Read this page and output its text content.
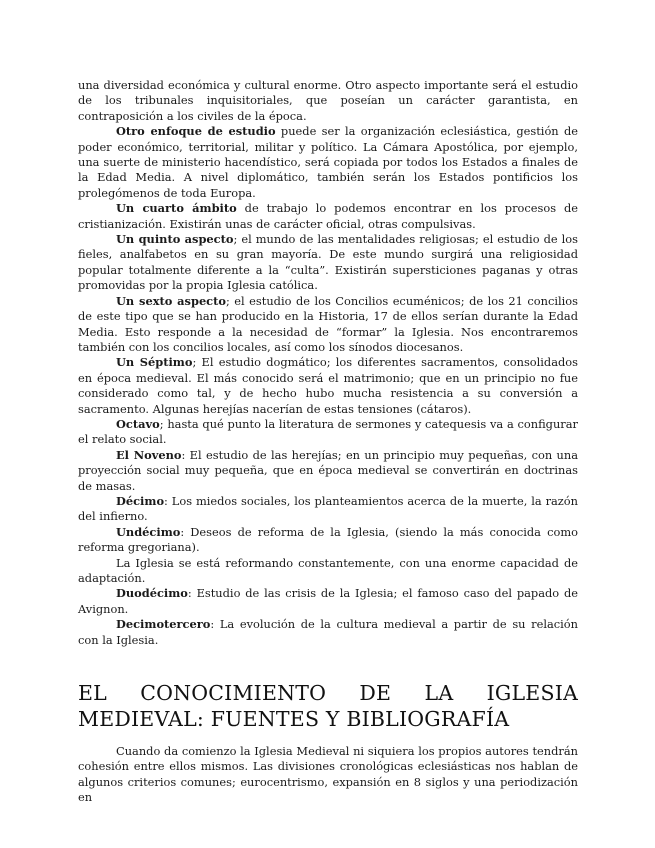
una diversidad económica y cultural enorme. Otro aspecto importante será el estudio de los tribunales inquisitoriales, que poseían un carácter garantista, en contraposición a los civiles de la época.

Otro enfoque de estudio puede ser la organización eclesiástica, gestión de poder económico, territorial, militar y político. La Cámara Apostólica, por ejemplo, una suerte de ministerio hacendístico, será copiada por todos los Estados a finales de la Edad Media. A nivel diplomático, también serán los Estados pontificios los prolegómenos de toda Europa.

Un cuarto ámbito de trabajo lo podemos encontrar en los procesos de cristianización. Existirán unas de carácter oficial, otras compulsivas.

Un quinto aspecto; el mundo de las mentalidades religiosas; el estudio de los fieles, analfabetos en su gran mayoría. De este mundo surgirá una religiosidad popular totalmente diferente a la “culta”. Existirán supersticiones paganas y otras promovidas por la propia Iglesia católica.

Un sexto aspecto; el estudio de los Concilios ecuménicos; de los 21 concilios de este tipo que se han producido en la Historia, 17 de ellos serían durante la Edad Media. Esto responde a la necesidad de “formar” la Iglesia. Nos encontraremos también con los concilios locales, así como los sínodos diocesanos.

Un Séptimo; El estudio dogmático; los diferentes sacramentos, consolidados en época medieval. El más conocido será el matrimonio; que en un principio no fue considerado como tal, y de hecho hubo mucha resistencia a su conversión a sacramento. Algunas herejías nacerían de estas tensiones (cátaros).

Octavo; hasta qué punto la literatura de sermones y catequesis va a configurar el relato social.

El Noveno: El estudio de las herejías; en un principio muy pequeñas, con una proyección social muy pequeña, que en época medieval se convertirán en doctrinas de masas.

Décimo: Los miedos sociales, los planteamientos acerca de la muerte, la razón del infierno.

Undécimo: Deseos de reforma de la Iglesia, (siendo la más conocida como reforma gregoriana).

La Iglesia se está reformando constantemente, con una enorme capacidad de adaptación.

Duodécimo: Estudio de las crisis de la Iglesia; el famoso caso del papado de Avignon.

Decimotercero: La evolución de la cultura medieval a partir de su relación con la Iglesia.

EL CONOCIMIENTO DE LA IGLESIA MEDIEVAL: FUENTES Y BIBLIOGRAFÍA

Cuando da comienzo la Iglesia Medieval ni siquiera los propios autores tendrán cohesión entre ellos mismos. Las divisiones cronológicas eclesiásticas nos hablan de algunos criterios comunes; eurocentrismo, expansión en 8 siglos y una periodización en
